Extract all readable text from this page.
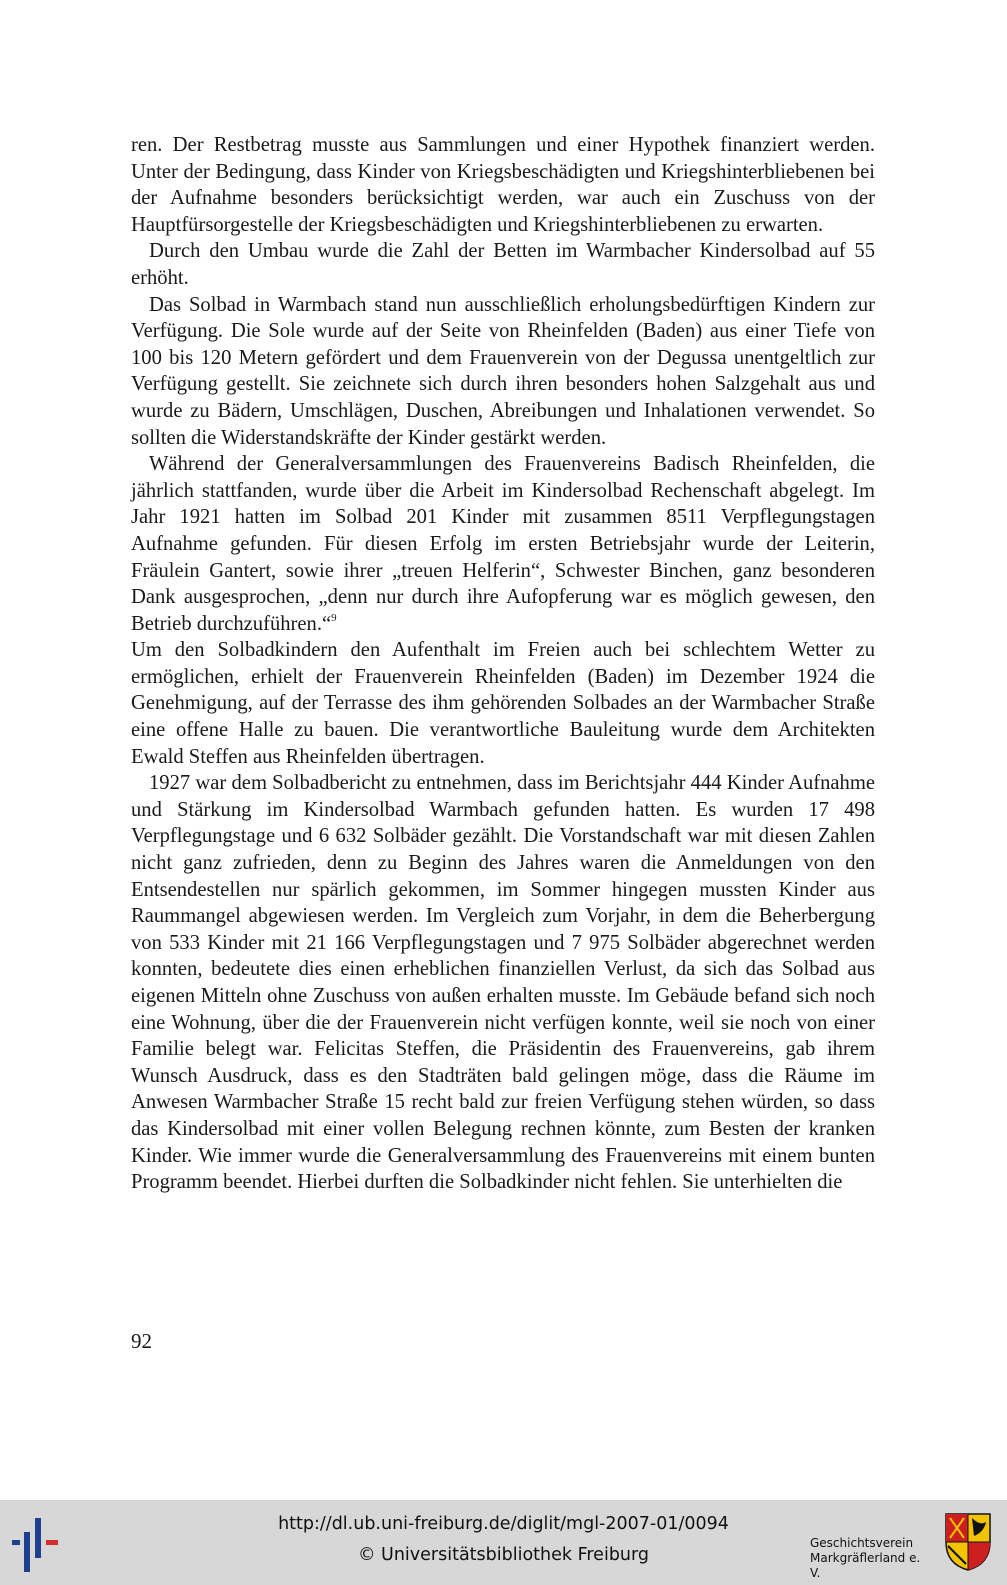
ren. Der Restbetrag musste aus Sammlungen und einer Hypothek finanziert werden. Unter der Bedingung, dass Kinder von Kriegsbeschädigten und Kriegshinterbliebenen bei der Aufnahme besonders berücksichtigt werden, war auch ein Zuschuss von der Hauptfürsorgestelle der Kriegsbeschädigten und Kriegshinterbliebenen zu erwarten.

Durch den Umbau wurde die Zahl der Betten im Warmbacher Kindersolbad auf 55 erhöht.

Das Solbad in Warmbach stand nun ausschließlich erholungsbedürftigen Kindern zur Verfügung. Die Sole wurde auf der Seite von Rheinfelden (Baden) aus einer Tiefe von 100 bis 120 Metern gefördert und dem Frauenverein von der Degussa unentgeltlich zur Verfügung gestellt. Sie zeichnete sich durch ihren besonders hohen Salzgehalt aus und wurde zu Bädern, Umschlägen, Duschen, Abreibungen und Inhalationen verwendet. So sollten die Widerstandskräfte der Kinder gestärkt werden.

Während der Generalversammlungen des Frauenvereins Badisch Rheinfelden, die jährlich stattfanden, wurde über die Arbeit im Kindersolbad Rechenschaft abgelegt. Im Jahr 1921 hatten im Solbad 201 Kinder mit zusammen 8511 Verpflegungstagen Aufnahme gefunden. Für diesen Erfolg im ersten Betriebsjahr wurde der Leiterin, Fräulein Gantert, sowie ihrer „treuen Helferin“, Schwester Binchen, ganz besonderen Dank ausgesprochen, „denn nur durch ihre Aufopferung war es möglich gewesen, den Betrieb durchzuführen.“$^9$

Um den Solbadkindern den Aufenthalt im Freien auch bei schlechtem Wetter zu ermöglichen, erhielt der Frauenverein Rheinfelden (Baden) im Dezember 1924 die Genehmigung, auf der Terrasse des ihm gehörenden Solbades an der Warmbacher Straße eine offene Halle zu bauen. Die verantwortliche Bauleitung wurde dem Architekten Ewald Steffen aus Rheinfelden übertragen.

1927 war dem Solbadbericht zu entnehmen, dass im Berichtsjahr 444 Kinder Aufnahme und Stärkung im Kindersolbad Warmbach gefunden hatten. Es wurden 17 498 Verpflegungstage und 6 632 Solbäder gezählt. Die Vorstandschaft war mit diesen Zahlen nicht ganz zufrieden, denn zu Beginn des Jahres waren die Anmeldungen von den Entsendestellen nur spärlich gekommen, im Sommer hingegen mussten Kinder aus Raummangel abgewiesen werden. Im Vergleich zum Vorjahr, in dem die Beherbergung von 533 Kinder mit 21 166 Verpflegungstagen und 7 975 Solbäder abgerechnet werden konnten, bedeutete dies einen erheblichen finanziellen Verlust, da sich das Solbad aus eigenen Mitteln ohne Zuschuss von außen erhalten musste. Im Gebäude befand sich noch eine Wohnung, über die der Frauenverein nicht verfügen konnte, weil sie noch von einer Familie belegt war. Felicitas Steffen, die Präsidentin des Frauenvereins, gab ihrem Wunsch Ausdruck, dass es den Stadträten bald gelingen möge, dass die Räume im Anwesen Warmbacher Straße 15 recht bald zur freien Verfügung stehen würden, so dass das Kindersolbad mit einer vollen Belegung rechnen könnte, zum Besten der kranken Kinder. Wie immer wurde die Generalversammlung des Frauenvereins mit einem bunten Programm beendet. Hierbei durften die Solbadkinder nicht fehlen. Sie unterhielten die

92
http://dl.ub.uni-freiburg.de/diglit/mgl-2007-01/0094
© Universitätsbibliothek Freiburg
Geschichtsverein
Markgräflerland e. V.
